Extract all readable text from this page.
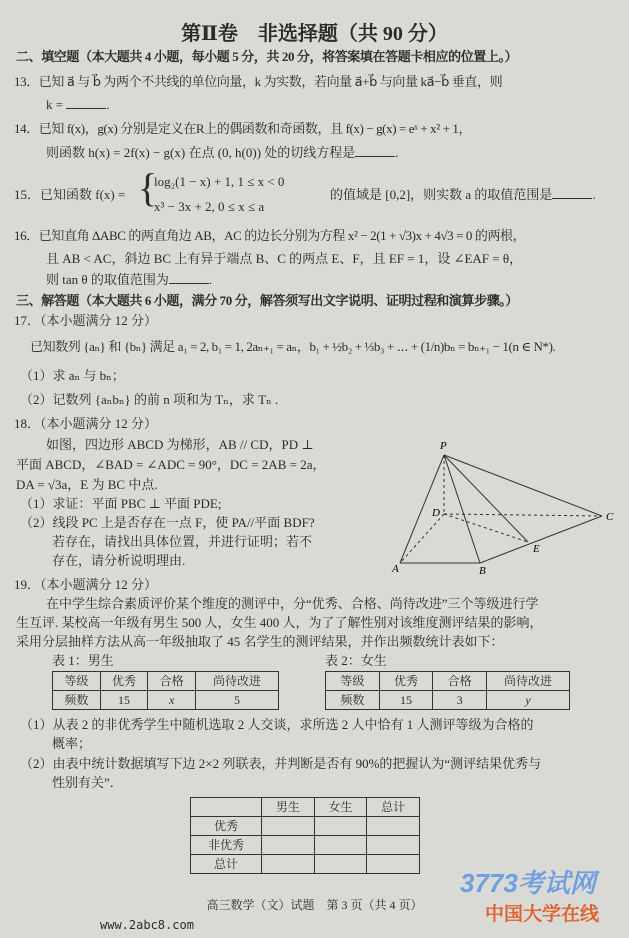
第Ⅱ卷　非选择题（共 90 分）
二、填空题（本大题共 4 小题，每小题 5 分，共 20 分，将答案填在答题卡相应的位置上。）
13．已知 a⃗ 与 b⃗ 为两个不共线的单位向量，k 为实数，若向量 a⃗+b⃗ 与向量 ka⃗−b⃗ 垂直，则
k =	.
14．已知 f(x)，g(x) 分别是定义在R上的偶函数和奇函数，且 f(x) − g(x) = eˣ + x² + 1，
则函数 h(x) = 2f(x) − g(x) 在点 (0, h(0)) 处的切线方程是	.
15．已知函数 f(x) = {
log₂(1 − x) + 1, 1 ≤ x < 0
x³ − 3x + 2, 0 ≤ x ≤ a
的值域是 [0,2]，则实数 a 的取值范围是	.
16．已知直角 ΔABC 的两直角边 AB，AC 的边长分别为方程 x² − 2(1 + √3)x + 4√3 = 0 的两根，
且 AB < AC，斜边 BC 上有异于端点 B、C 的两点 E、F，且 EF = 1，设 ∠EAF = θ，
则 tan θ 的取值范围为	.
三、解答题（本大题共 6 小题，满分 70 分，解答须写出文字说明、证明过程和演算步骤。）
17．（本小题满分 12 分）
已知数列 {aₙ} 和 {bₙ} 满足 a₁ = 2, b₁ = 1, 2aₙ₊₁ = aₙ，b₁ + ½b₂ + ⅓b₃ + ⋯ + (1/n)bₙ = bₙ₊₁ − 1(n ∈ N*).
（1）求 aₙ 与 bₙ；
（2）记数列 {aₙbₙ} 的前 n 项和为 Tₙ，求 Tₙ .
18．（本小题满分 12 分）
如图，四边形 ABCD 为梯形，AB // CD，PD ⊥
平面 ABCD，∠BAD = ∠ADC = 90°，DC = 2AB = 2a，
DA = √3a，E 为 BC 中点.
（1）求证：平面 PBC ⊥ 平面 PDE;
（2）线段 PC 上是否存在一点 F，使 PA//平面 BDF?
若存在，请找出具体位置，并进行证明；若不
存在，请分析说明理由.
P
D	C
E
A	B
19．（本小题满分 12 分）
在中学生综合素质评价某个维度的测评中，分“优秀、合格、尚待改进”三个等级进行学
生互评. 某校高一年级有男生 500 人，女生 400 人，为了了解性别对该维度测评结果的影响，
采用分层抽样方法从高一年级抽取了 45 名学生的测评结果，并作出频数统计表如下：
表 1：男生
等级	优秀	合格	尚待改进
频数	15	x	5
表 2：女生
等级	优秀	合格	尚待改进
频数	15	3	y
（1）从表 2 的非优秀学生中随机选取 2 人交谈，求所选 2 人中恰有 1 人测评等级为合格的
概率；
（2）由表中统计数据填写下边 2×2 列联表，并判断是否有 90%的把握认为“测评结果优秀与
性别有关”．
	男生	女生	总计
优秀			
非优秀			
总计			
高三数学（文）试题　第 3 页（共 4 页）
www.2abc8.com
3773考试网
中国大学在线
